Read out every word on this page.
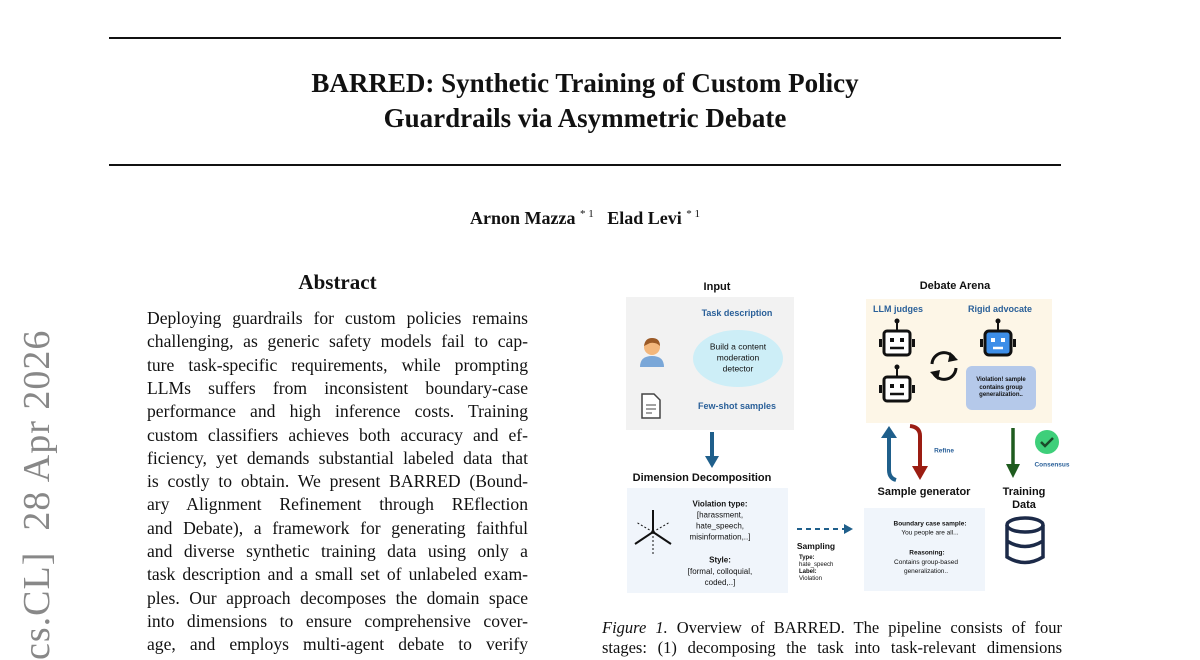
BARRED: Synthetic Training of Custom Policy
Guardrails via Asymmetric Debate
Arnon Mazza $^{* 1}$ Elad Levi $^{* 1}$
cs.CL]  28 Apr 2026
Abstract
Deploying guardrails for custom policies remains
challenging, as generic safety models fail to cap-
ture task-specific requirements, while prompting
LLMs suffers from inconsistent boundary-case
performance and high inference costs. Training
custom classifiers achieves both accuracy and ef-
ficiency, yet demands substantial labeled data that
is costly to obtain. We present BARRED (Bound-
ary Alignment Refinement through REflection
and Debate), a framework for generating faithful
and diverse synthetic training data using only a
task description and a small set of unlabeled exam-
ples. Our approach decomposes the domain space
into dimensions to ensure comprehensive cover-
age, and employs multi-agent debate to verify
Input
Task description
Build a content moderation detector
Few-shot samples
Dimension Decomposition
Violation type:
[harassment, hate_speech, misinformation,..]
Style:
[formal, colloquial, coded,..]
Sampling
Type:
hate_speech
Label:
Violation
Boundary case sample:
You people are all...
Reasoning:
Contains group-based generalization..
Debate Arena
LLM judges	Rigid advocate
Violation! sample contains group generalization..
Refine
Sample generator
Consensus
Training Data
Figure 1. Overview of BARRED. The pipeline consists of four
stages: (1) decomposing the task into task-relevant dimensions
